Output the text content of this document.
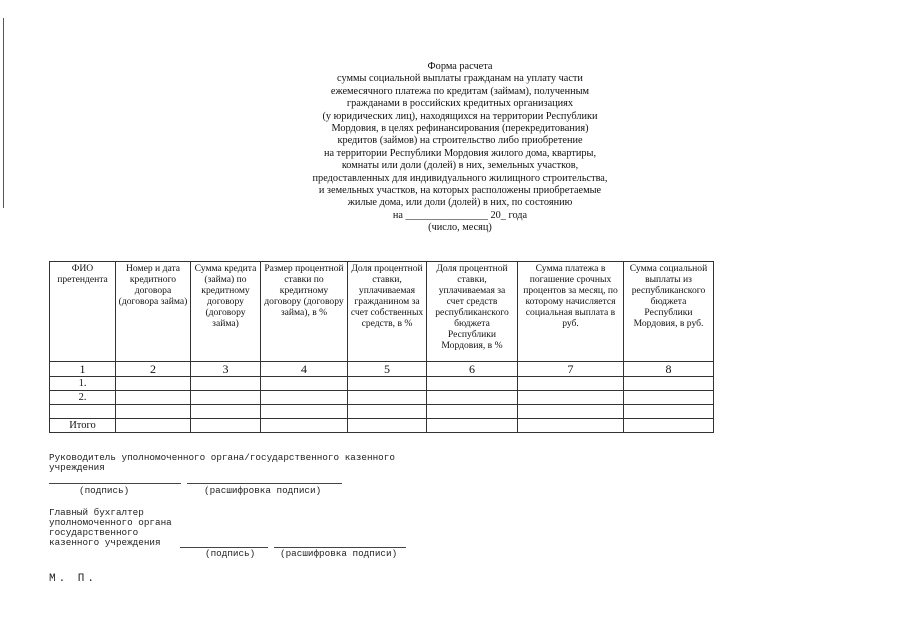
Форма расчета
суммы социальной выплаты гражданам на уплату части
ежемесячного платежа по кредитам (займам), полученным
гражданами в российских кредитных организациях
(у юридических лиц), находящихся на территории Республики
Мордовия, в целях рефинансирования (перекредитования)
кредитов (займов) на строительство либо приобретение
на территории Республики Мордовия жилого дома, квартиры,
комнаты или доли (долей) в них, земельных участков,
предоставленных для индивидуального жилищного строительства,
и земельных участков, на которых расположены приобретаемые
жилые дома, или доли (долей) в них, по состоянию
на ________________ 20_ года
(число, месяц)
ФИО претендента	Номер и дата кредитного договора (договора займа)	Сумма кредита (займа) по кредитному договору (договору займа)	Размер процентной ставки по кредитному договору (договору займа), в %	Доля процентной ставки, уплачиваемая гражданином за счет собственных средств, в %	Доля процентной ставки, уплачиваемая за счет средств республиканского бюджета Республики Мордовия, в %	Сумма платежа в погашение срочных процентов за месяц, по которому начисляется социальная выплата в руб.	Сумма социальной выплаты из республиканского бюджета Республики Мордовия, в руб.
1	2	3	4	5	6	7	8
1.							
2.							

Итого							
Руководитель уполномоченного органа/государственного казенного
учреждения
(подпись)	(расшифровка подписи)
Главный бухгалтер
уполномоченного органа
государственного
казенного учреждения
(подпись)	(расшифровка подписи)
М. П.
